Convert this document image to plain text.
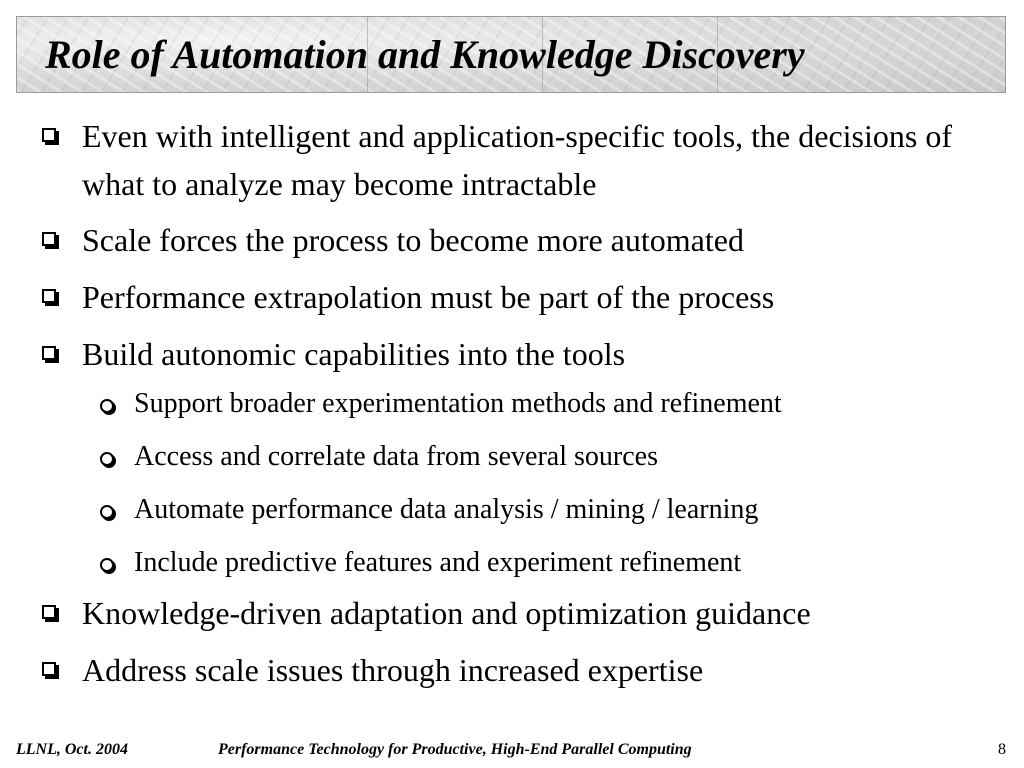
Role of Automation and Knowledge Discovery
Even with intelligent and application-specific tools, the decisions of what to analyze may become intractable
Scale forces the process to become more automated
Performance extrapolation must be part of the process
Build autonomic capabilities into the tools
Support broader experimentation methods and refinement
Access and correlate data from several sources
Automate performance data analysis / mining / learning
Include predictive features and experiment refinement
Knowledge-driven adaptation and optimization guidance
Address scale issues through increased expertise
LLNL, Oct. 2004	Performance Technology for Productive, High-End Parallel Computing	8
